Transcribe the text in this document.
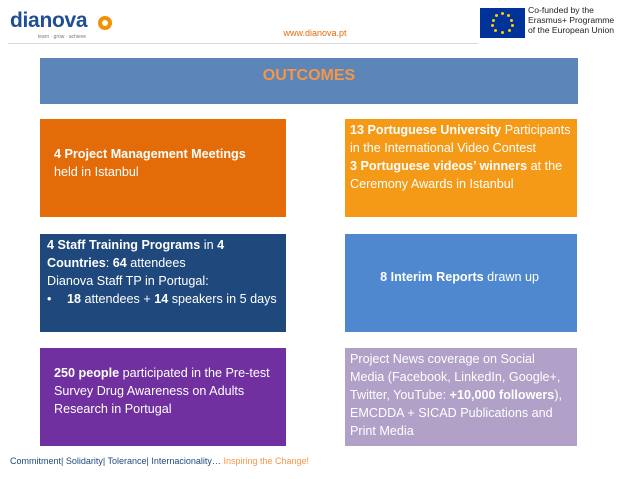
dianova
learn · grow · achieve	www.dianova.pt
Co-funded by the
Erasmus+ Programme
of the European Union
OUTCOMES
4 Project Management Meetings
held in Istanbul
13 Portuguese University Participants in the International Video Contest
3 Portuguese videos’ winners at the Ceremony Awards in Istanbul
4 Staff Training Programs in 4
Countries: 64 attendees
Dianova Staff TP in Portugal:
• 18 attendees + 14 speakers in 5 days
8 Interim Reports drawn up
250 people participated in the Pre-test Survey Drug Awareness on Adults Research in Portugal
Project News coverage on Social Media (Facebook, LinkedIn, Google+, Twitter, YouTube: +10,000 followers), EMCDDA + SICAD Publications and Print Media
Commitment| Solidarity| Tolerance| Internacionality… Inspiring the Change!
